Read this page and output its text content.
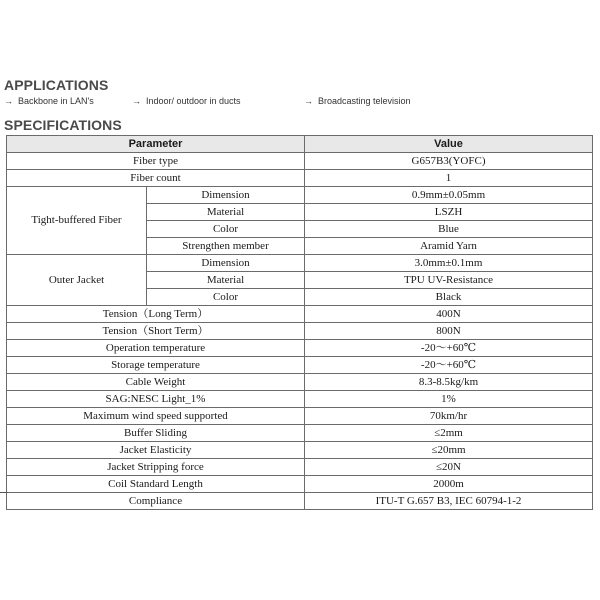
APPLICATIONS
→ Backbone in LAN's	→ Indoor/ outdoor in ducts	→ Broadcasting television
SPECIFICATIONS
Parameter		Value
Fiber type		G657B3(YOFC)
Fiber count		1
Tight-buffered Fiber	Dimension	0.9mm±0.05mm
	Material	LSZH
	Color	Blue
	Strengthen member	Aramid Yarn
Outer Jacket	Dimension	3.0mm±0.1mm
	Material	TPU UV-Resistance
	Color	Black
Tension（Long Term）		400N
Tension（Short Term）		800N
Operation temperature		-20～+60℃
Storage temperature		-20～+60℃
Cable Weight		8.3-8.5kg/km
SAG:NESC Light_1%		1%
Maximum wind speed supported		70km/hr
Buffer Sliding		≤2mm
Jacket Elasticity		≤20mm
Jacket Stripping force		≤20N
Coil Standard Length		2000m
Compliance		ITU-T G.657 B3, IEC 60794-1-2
